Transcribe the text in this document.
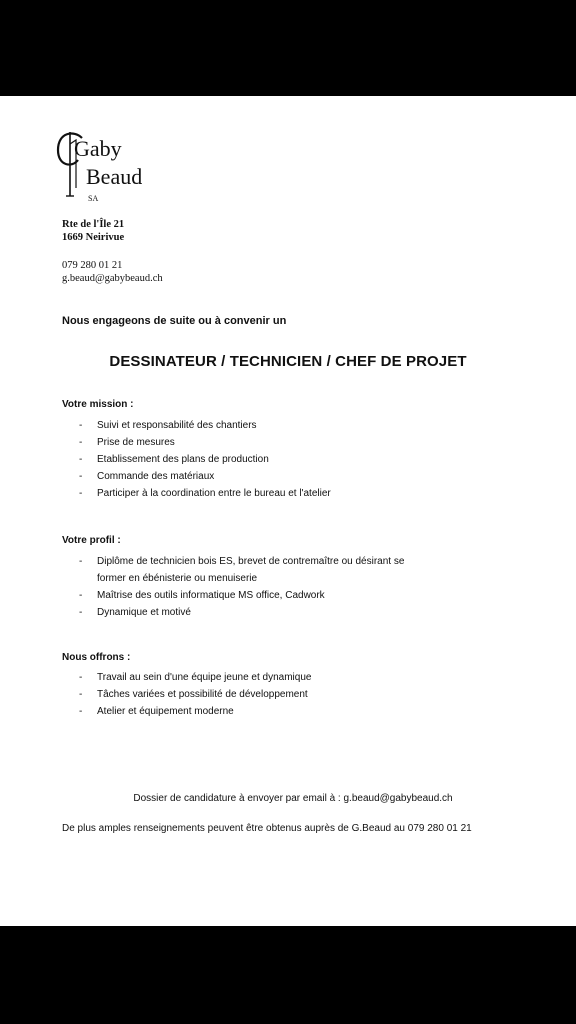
Gaby
Beaud
SA
Rte de l'Île 21
1669 Neirivue
079 280 01 21
g.beaud@gabybeaud.ch
Nous engageons de suite ou à convenir un
DESSINATEUR / TECHNICIEN / CHEF DE PROJET
Votre mission :
- Suivi et responsabilité des chantiers
- Prise de mesures
- Etablissement des plans de production
- Commande des matériaux
- Participer à la coordination entre le bureau et l'atelier
Votre profil :
- Diplôme de technicien bois ES, brevet de contremaître ou désirant se
former en ébénisterie ou menuiserie
- Maîtrise des outils informatique MS office, Cadwork
- Dynamique et motivé
Nous offrons :
- Travail au sein d'une équipe jeune et dynamique
- Tâches variées et possibilité de développement
- Atelier et équipement moderne
Dossier de candidature à envoyer par email à : g.beaud@gabybeaud.ch
De plus amples renseignements peuvent être obtenus auprès de G.Beaud au 079 280 01 21
